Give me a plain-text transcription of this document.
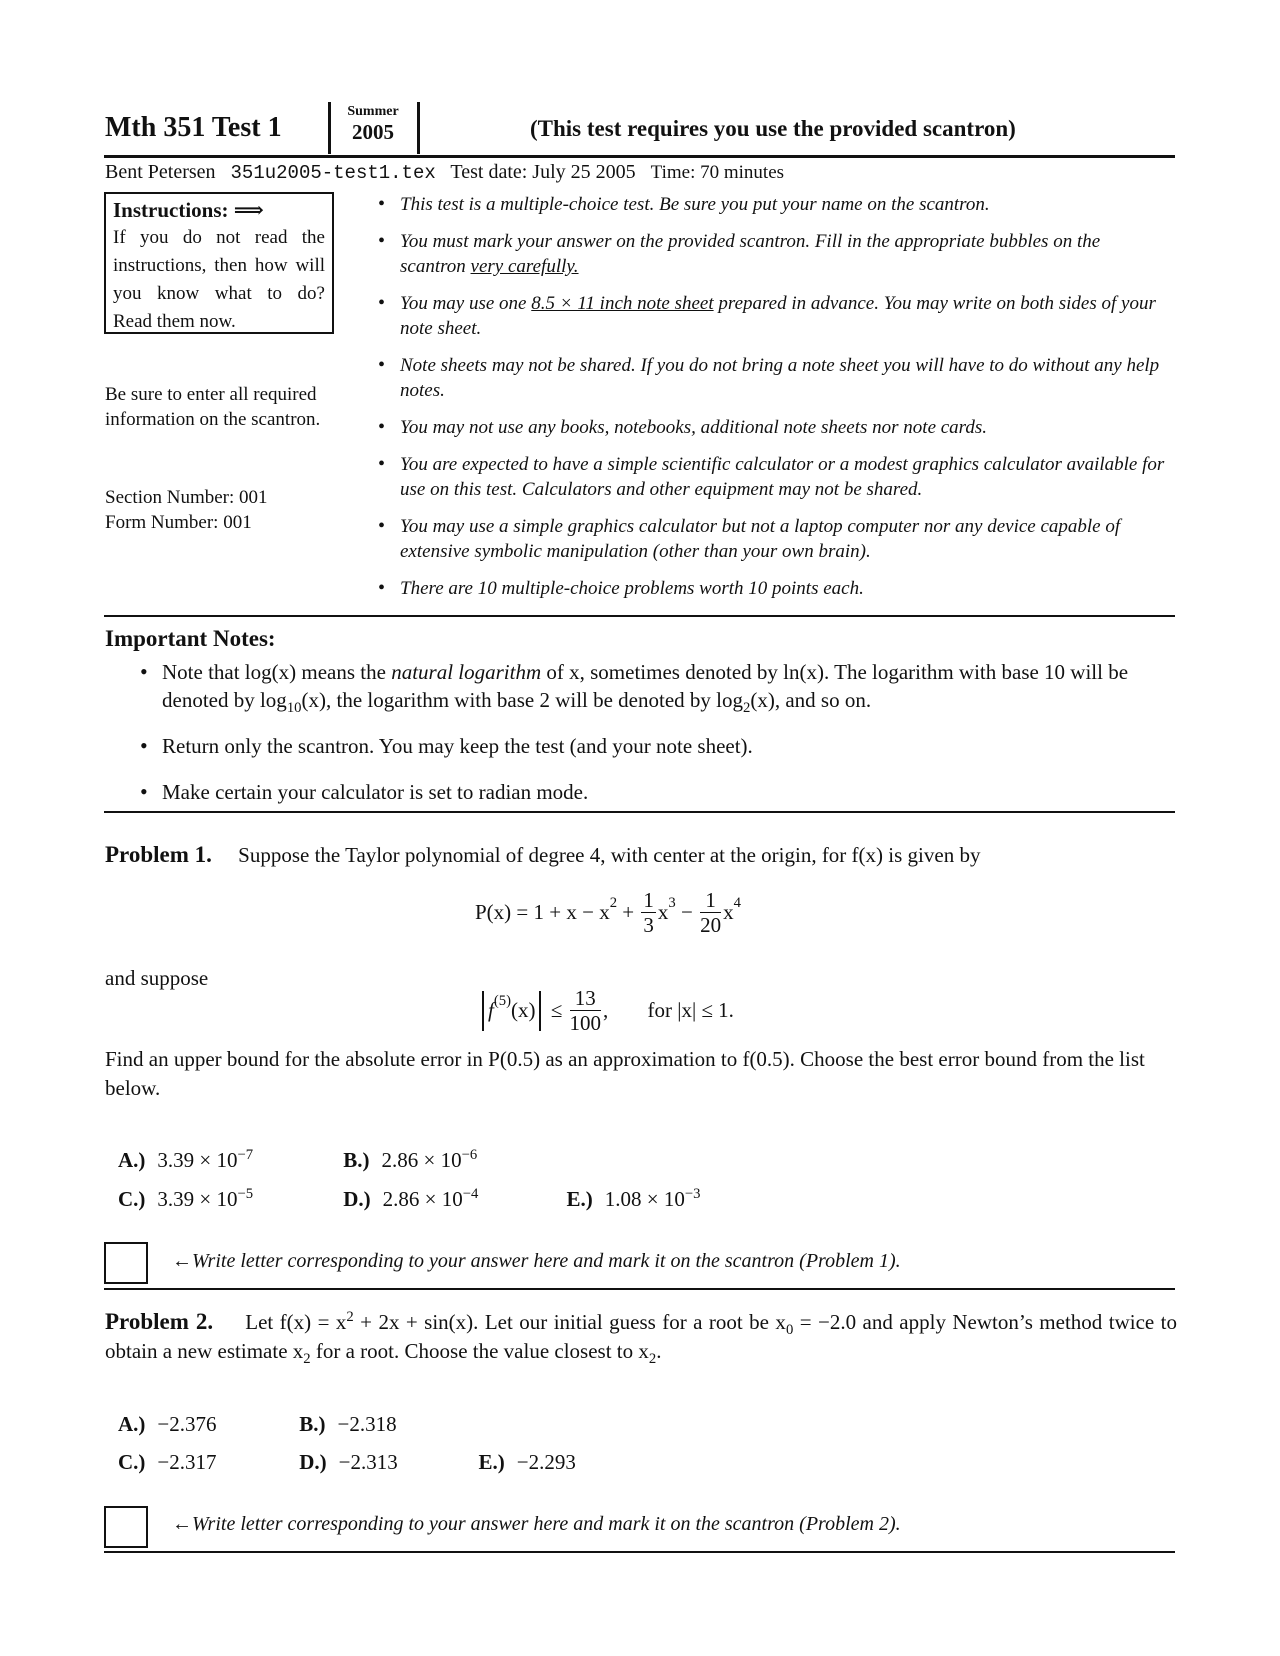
Mth 351 Test 1
Summer
2005	(This test requires you use the provided scantron)
Bent Petersen 351u2005-test1.tex Test date: July 25 2005 Time: 70 minutes
Instructions: ⟹
If you do not read the instructions, then how will you know what to do? Read them now.
Be sure to enter all required information on the scantron.
Section Number: 001
Form Number: 001
• This test is a multiple-choice test. Be sure you put your name on the scantron.
• You must mark your answer on the provided scantron. Fill in the appropriate bubbles on the scantron very carefully.
• You may use one 8.5 × 11 inch note sheet prepared in advance. You may write on both sides of your note sheet.
• Note sheets may not be shared. If you do not bring a note sheet you will have to do without any help notes.
• You may not use any books, notebooks, additional note sheets nor note cards.
• You are expected to have a simple scientific calculator or a modest graphics calculator available for use on this test. Calculators and other equipment may not be shared.
• You may use a simple graphics calculator but not a laptop computer nor any device capable of extensive symbolic manipulation (other than your own brain).
• There are 10 multiple-choice problems worth 10 points each.
Important Notes:
• Note that log(x) means the natural logarithm of x, sometimes denoted by ln(x). The logarithm with base 10 will be denoted by $\log_{10}(x)$, the logarithm with base 2 will be denoted by $\log_2(x)$, and so on.
• Return only the scantron. You may keep the test (and your note sheet).
• Make certain your calculator is set to radian mode.
Problem 1. Suppose the Taylor polynomial of degree 4, with center at the origin, for f(x) is given by
$P(x) = 1 + x - x^2 + \frac{1}{3} x^3 - \frac{1}{20} x^4$
and suppose
$f^{(5)}(x) \le \frac{13}{100}$ , for |x| ≤ 1.
Find an upper bound for the absolute error in P(0.5) as an approximation to f(0.5). Choose the best error bound from the list below.
A.) $3.39 \times 10^{-7}$	B.) $2.86 \times 10^{-6}$
C.) $3.39 \times 10^{-5}$	D.) $2.86 \times 10^{-4}$	E.) $1.08 \times 10^{-3}$
←Write letter corresponding to your answer here and mark it on the scantron (Problem 1).
Problem 2. Let $f(x) = x^2 + 2x + \sin(x)$. Let our initial guess for a root be $x_0 = -2.0$ and apply Newton’s method twice to obtain a new estimate $x_2$ for a root. Choose the value closest to $x_2$.
A.) −2.376	B.) −2.318
C.) −2.317	D.) −2.313	E.) −2.293
←Write letter corresponding to your answer here and mark it on the scantron (Problem 2).
